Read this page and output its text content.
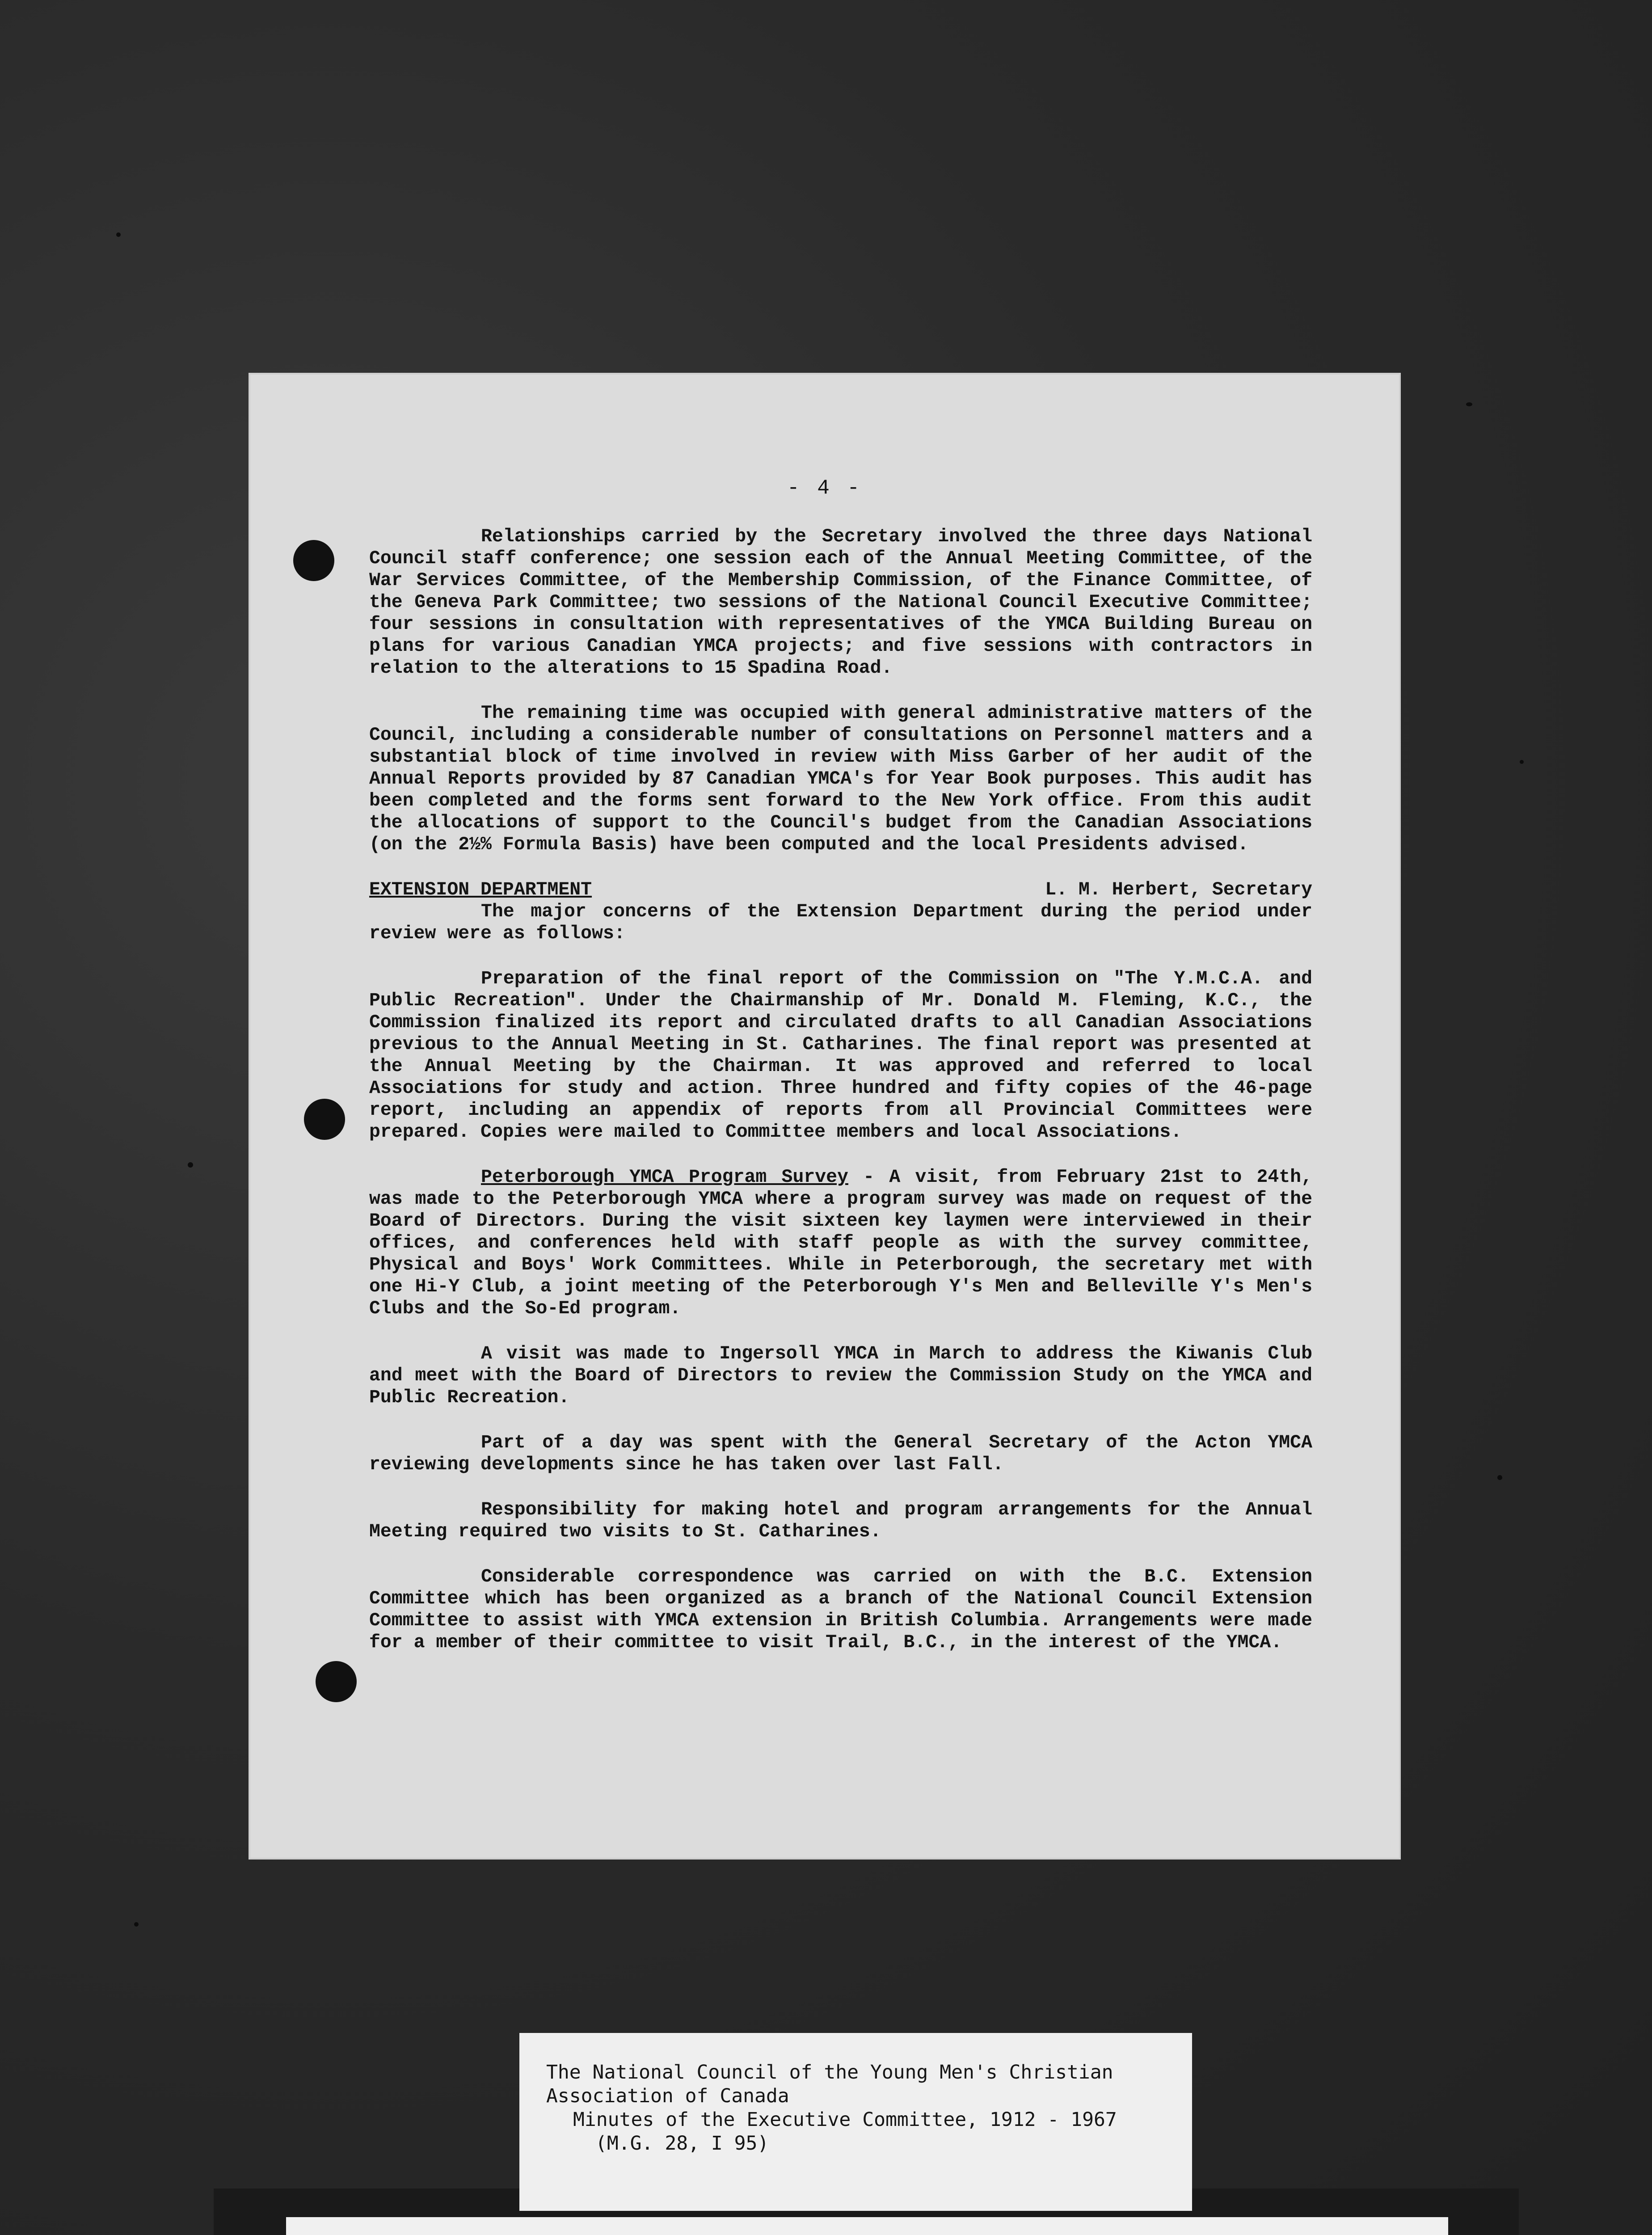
- 4 -

Relationships carried by the Secretary involved the three days National Council staff conference; one session each of the Annual Meeting Committee, of the War Services Committee, of the Membership Commission, of the Finance Committee, of the Geneva Park Committee; two sessions of the National Council Executive Committee; four sessions in consultation with representatives of the YMCA Building Bureau on plans for various Canadian YMCA projects; and five sessions with contractors in relation to the alterations to 15 Spadina Road.

The remaining time was occupied with general administrative matters of the Council, including a considerable number of consultations on Personnel matters and a substantial block of time involved in review with Miss Garber of her audit of the Annual Reports provided by 87 Canadian YMCA's for Year Book purposes. This audit has been completed and the forms sent forward to the New York office. From this audit the allocations of support to the Council's budget from the Canadian Associations (on the 2½% Formula Basis) have been computed and the local Presidents advised.

EXTENSION DEPARTMENT	L. M. Herbert, Secretary

The major concerns of the Extension Department during the period under review were as follows:

Preparation of the final report of the Commission on "The Y.M.C.A. and Public Recreation". Under the Chairmanship of Mr. Donald M. Fleming, K.C., the Commission finalized its report and circulated drafts to all Canadian Associations previous to the Annual Meeting in St. Catharines. The final report was presented at the Annual Meeting by the Chairman. It was approved and referred to local Associations for study and action. Three hundred and fifty copies of the 46-page report, including an appendix of reports from all Provincial Committees were prepared. Copies were mailed to Committee members and local Associations.

Peterborough YMCA Program Survey - A visit, from February 21st to 24th, was made to the Peterborough YMCA where a program survey was made on request of the Board of Directors. During the visit sixteen key laymen were interviewed in their offices, and conferences held with staff people as with the survey committee, Physical and Boys' Work Committees. While in Peterborough, the secretary met with one Hi-Y Club, a joint meeting of the Peterborough Y's Men and Belleville Y's Men's Clubs and the So-Ed program.

A visit was made to Ingersoll YMCA in March to address the Kiwanis Club and meet with the Board of Directors to review the Commission Study on the YMCA and Public Recreation.

Part of a day was spent with the General Secretary of the Acton YMCA reviewing developments since he has taken over last Fall.

Responsibility for making hotel and program arrangements for the Annual Meeting required two visits to St. Catharines.

Considerable correspondence was carried on with the B.C. Extension Committee which has been organized as a branch of the National Council Extension Committee to assist with YMCA extension in British Columbia. Arrangements were made for a member of their committee to visit Trail, B.C., in the interest of the YMCA.

The National Council of the Young Men's Christian
Association of Canada
Minutes of the Executive Committee, 1912 - 1967
(M.G. 28, I 95)
